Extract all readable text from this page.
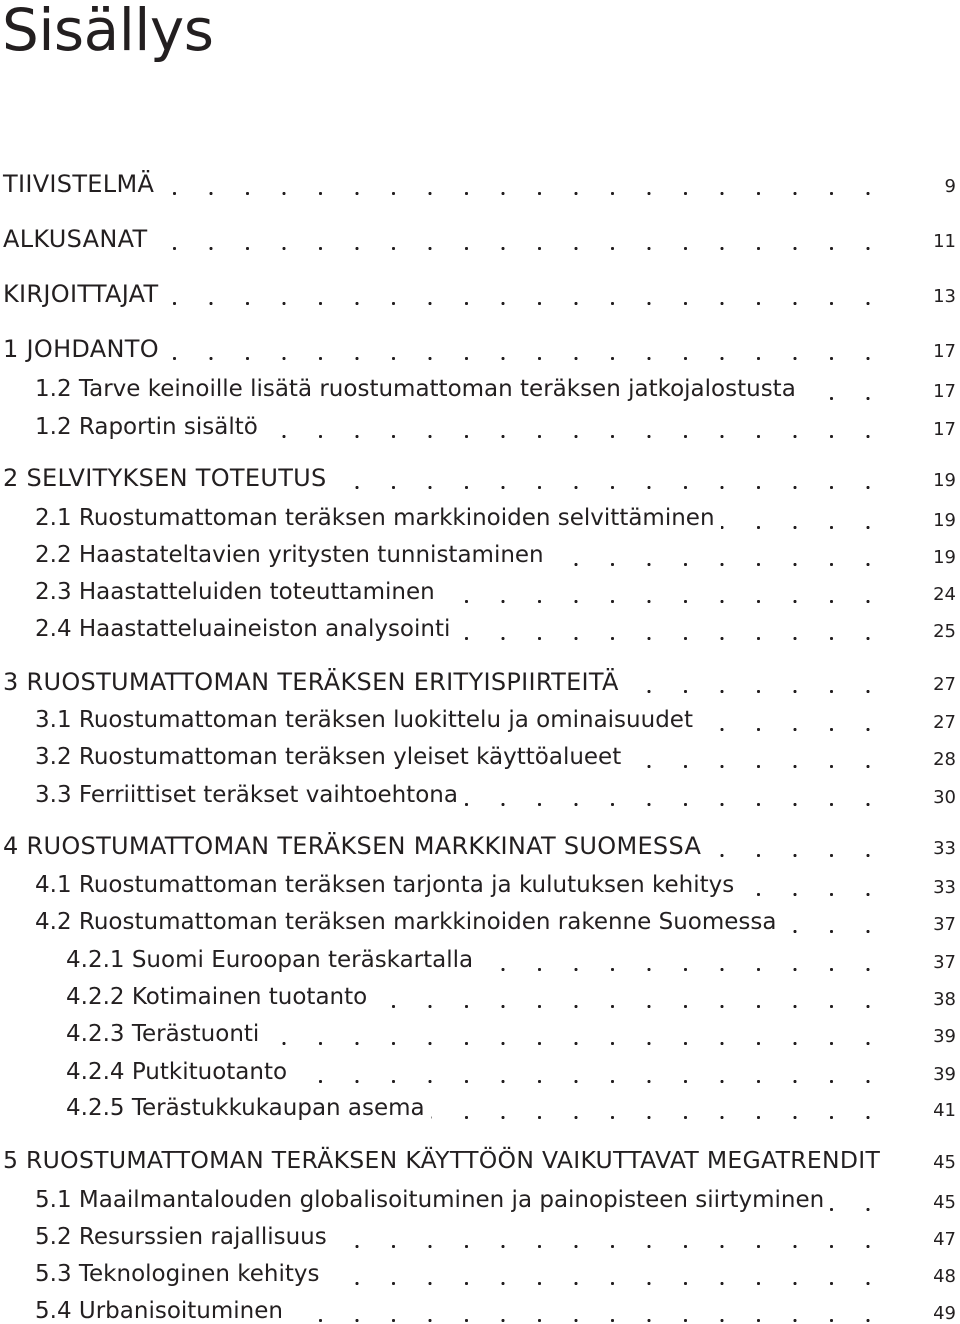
Sisällys
TIIVISTELMÄ	9
ALKUSANAT	11
KIRJOITTAJAT	13
1 JOHDANTO	17
1.2 Tarve keinoille lisätä ruostumattoman teräksen jatkojalostusta	17
1.2 Raportin sisältö	17
2 SELVITYKSEN TOTEUTUS	19
2.1 Ruostumattoman teräksen markkinoiden selvittäminen	19
2.2 Haastateltavien yritysten tunnistaminen	19
2.3 Haastatteluiden toteuttaminen	24
2.4 Haastatteluaineiston analysointi	25
3 RUOSTUMATTOMAN TERÄKSEN ERITYISPIIRTEITÄ	27
3.1 Ruostumattoman teräksen luokittelu ja ominaisuudet	27
3.2 Ruostumattoman teräksen yleiset käyttöalueet	28
3.3 Ferriittiset teräkset vaihtoehtona	30
4 RUOSTUMATTOMAN TERÄKSEN MARKKINAT SUOMESSA	33
4.1 Ruostumattoman teräksen tarjonta ja kulutuksen kehitys	33
4.2 Ruostumattoman teräksen markkinoiden rakenne Suomessa	37
4.2.1 Suomi Euroopan teräskartalla	37
4.2.2 Kotimainen tuotanto	38
4.2.3 Terästuonti	39
4.2.4 Putkituotanto	39
4.2.5 Terästukkukaupan asema	41
5 RUOSTUMATTOMAN TERÄKSEN KÄYTTÖÖN VAIKUTTAVAT MEGATRENDIT	45
5.1 Maailmantalouden globalisoituminen ja painopisteen siirtyminen	45
5.2 Resurssien rajallisuus	47
5.3 Teknologinen kehitys	48
5.4 Urbanisoituminen	49
